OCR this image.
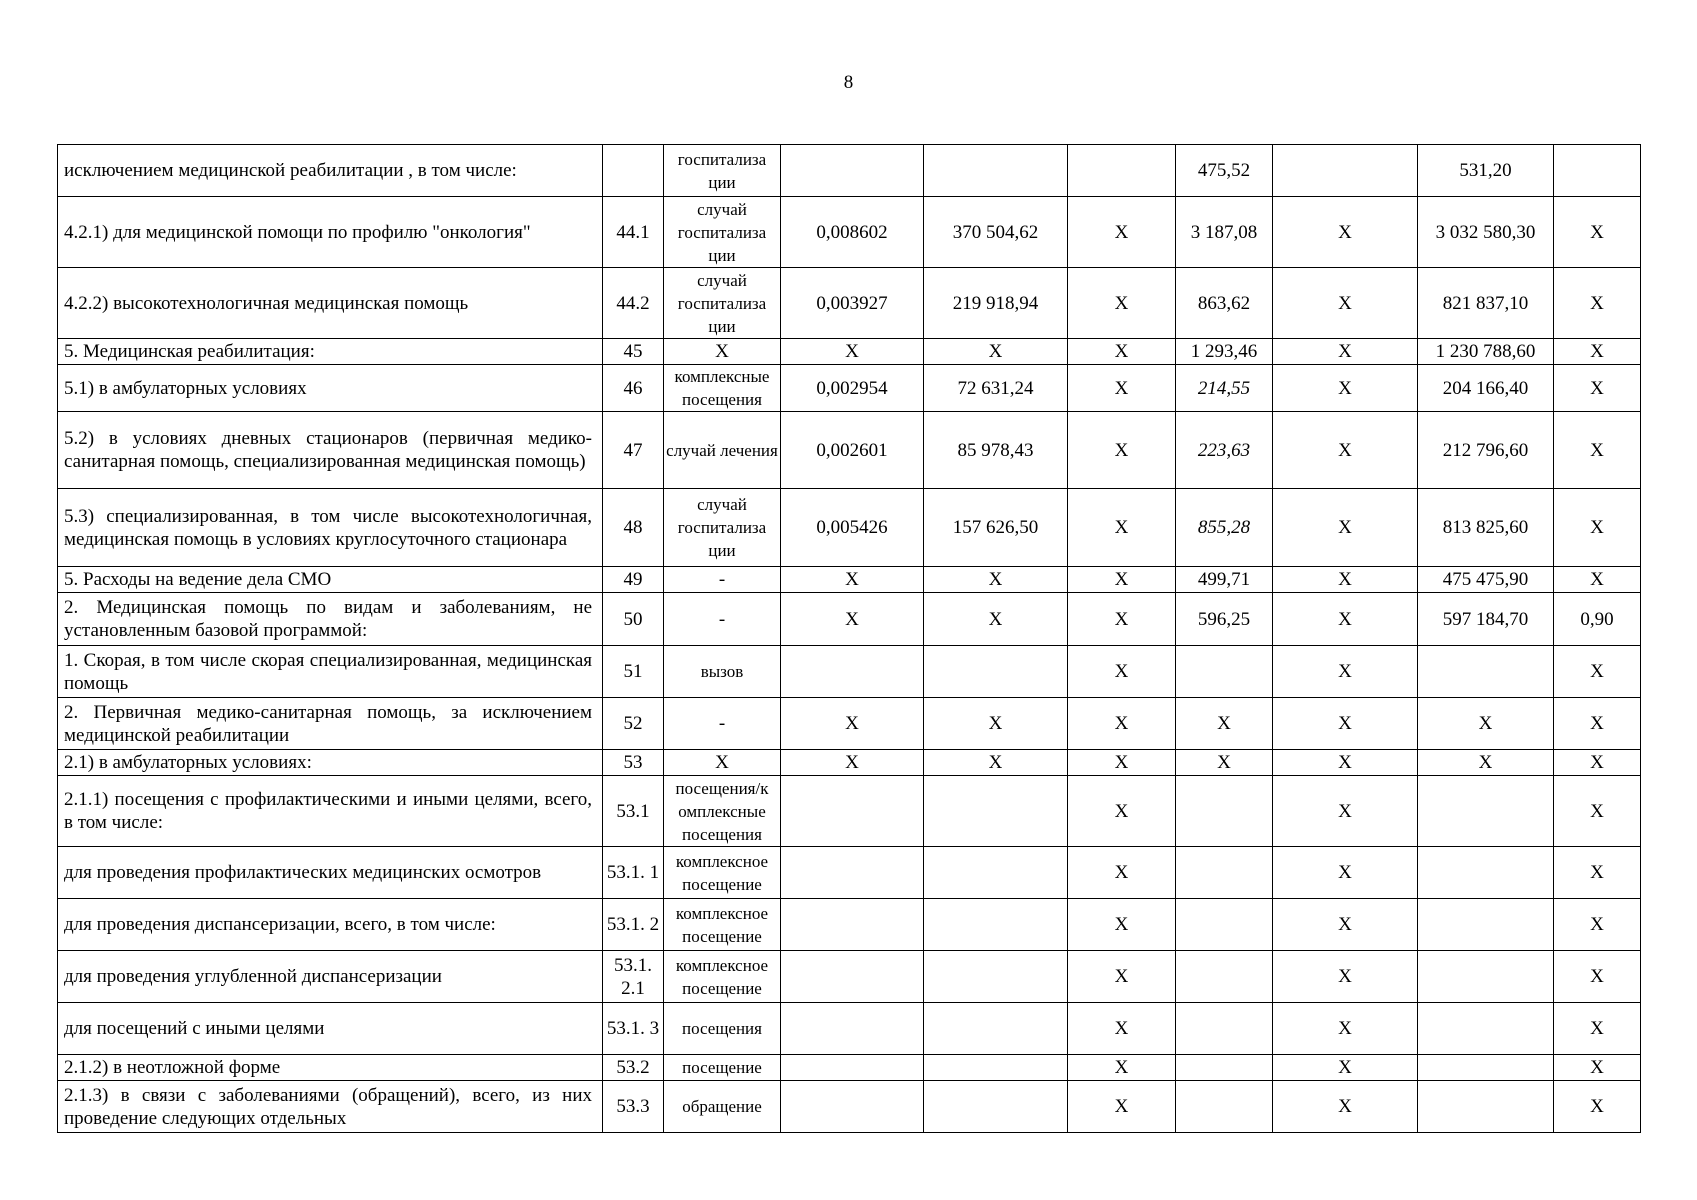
8
исключением медицинской реабилитации , в том числе:		госпитализа ции				475,52		531,20	
4.2.1) для медицинской помощи по профилю "онкология"	44.1	случай госпитализа ции	0,008602	370 504,62	X	3 187,08	X	3 032 580,30	X
4.2.2) высокотехнологичная медицинская помощь	44.2	случай госпитализа ции	0,003927	219 918,94	X	863,62	X	821 837,10	X
5. Медицинская реабилитация:	45	X	X	X	X	1 293,46	X	1 230 788,60	X
5.1) в амбулаторных условиях	46	комплексные посещения	0,002954	72 631,24	X	214,55	X	204 166,40	X
5.2) в условиях дневных стационаров (первичная медико-санитарная помощь, специализированная медицинская помощь)	47	случай лечения	0,002601	85 978,43	X	223,63	X	212 796,60	X
5.3) специализированная, в том числе высокотехнологичная, медицинская помощь в условиях круглосуточного стационара	48	случай госпитализа ции	0,005426	157 626,50	X	855,28	X	813 825,60	X
5. Расходы на ведение дела СМО	49	-	X	X	X	499,71	X	475 475,90	X
2. Медицинская помощь по видам и заболеваниям, не установленным базовой программой:	50	-	X	X	X	596,25	X	597 184,70	0,90
1. Скорая, в том числе скорая специализированная, медицинская помощь	51	вызов			X		X		X
2. Первичная медико-санитарная помощь, за исключением медицинской реабилитации	52	-	X	X	X	X	X	X	X
2.1) в амбулаторных условиях:	53	X	X	X	X	X	X	X	X
2.1.1) посещения с профилактическими и иными целями, всего, в том числе:	53.1	посещения/к омплексные посещения			X		X		X
для проведения профилактических медицинских осмотров	53.1. 1	комплексное посещение			X		X		X
для проведения диспансеризации, всего, в том числе:	53.1. 2	комплексное посещение			X		X		X
для проведения углубленной диспансеризации	53.1. 2.1	комплексное посещение			X		X		X
для посещений с иными целями	53.1. 3	посещения			X		X		X
2.1.2) в неотложной форме	53.2	посещение			X		X		X
2.1.3) в связи с заболеваниями (обращений), всего, из них проведение следующих отдельных	53.3	обращение			X		X		X
